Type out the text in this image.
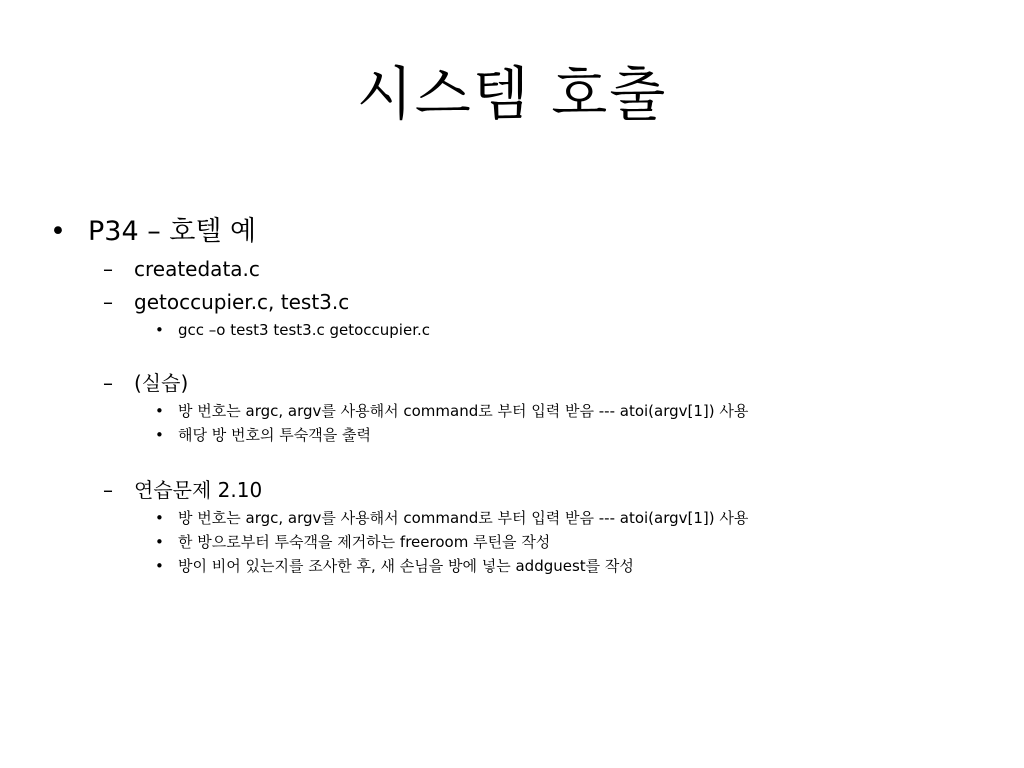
시스템 호출
• P34 – 호텔 예
– createdata.c
– getoccupier.c, test3.c
• gcc –o test3 test3.c getoccupier.c
– (실습)
• 방 번호는 argc, argv를 사용해서 command로 부터 입력 받음 --- atoi(argv[1]) 사용
• 해당 방 번호의 투숙객을 출력
– 연습문제 2.10
• 방 번호는 argc, argv를 사용해서 command로 부터 입력 받음 --- atoi(argv[1]) 사용
• 한 방으로부터 투숙객을 제거하는 freeroom 루틴을 작성
• 방이 비어 있는지를 조사한 후, 새 손님을 방에 넣는 addguest를 작성
